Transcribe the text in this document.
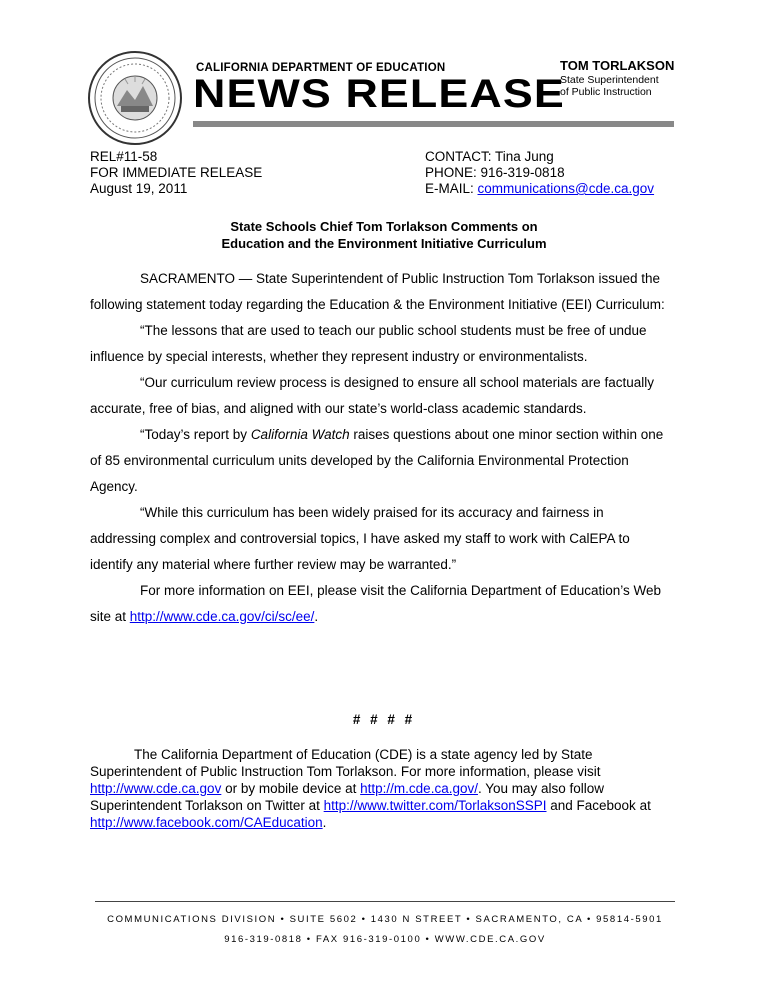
CALIFORNIA DEPARTMENT OF EDUCATION
NEWS RELEASE
TOM TORLAKSON
State Superintendent
of Public Instruction
REL#11-58
FOR IMMEDIATE RELEASE
August 19, 2011
CONTACT: Tina Jung
PHONE: 916-319-0818
E-MAIL: communications@cde.ca.gov
State Schools Chief Tom Torlakson Comments on
Education and the Environment Initiative Curriculum

SACRAMENTO — State Superintendent of Public Instruction Tom Torlakson issued the following statement today regarding the Education & the Environment Initiative (EEI) Curriculum:

“The lessons that are used to teach our public school students must be free of undue influence by special interests, whether they represent industry or environmentalists.

“Our curriculum review process is designed to ensure all school materials are factually accurate, free of bias, and aligned with our state’s world-class academic standards.

“Today’s report by California Watch raises questions about one minor section within one of 85 environmental curriculum units developed by the California Environmental Protection Agency.

“While this curriculum has been widely praised for its accuracy and fairness in addressing complex and controversial topics, I have asked my staff to work with CalEPA to identify any material where further review may be warranted.”

For more information on EEI, please visit the California Department of Education’s Web site at http://www.cde.ca.gov/ci/sc/ee/.

# # # #

The California Department of Education (CDE) is a state agency led by State Superintendent of Public Instruction Tom Torlakson. For more information, please visit http://www.cde.ca.gov or by mobile device at http://m.cde.ca.gov/. You may also follow Superintendent Torlakson on Twitter at http://www.twitter.com/TorlaksonSSPI and Facebook at http://www.facebook.com/CAEducation.

COMMUNICATIONS DIVISION • SUITE 5602 • 1430 N STREET • SACRAMENTO, CA • 95814-5901
916-319-0818 • FAX 916-319-0100 • WWW.CDE.CA.GOV
